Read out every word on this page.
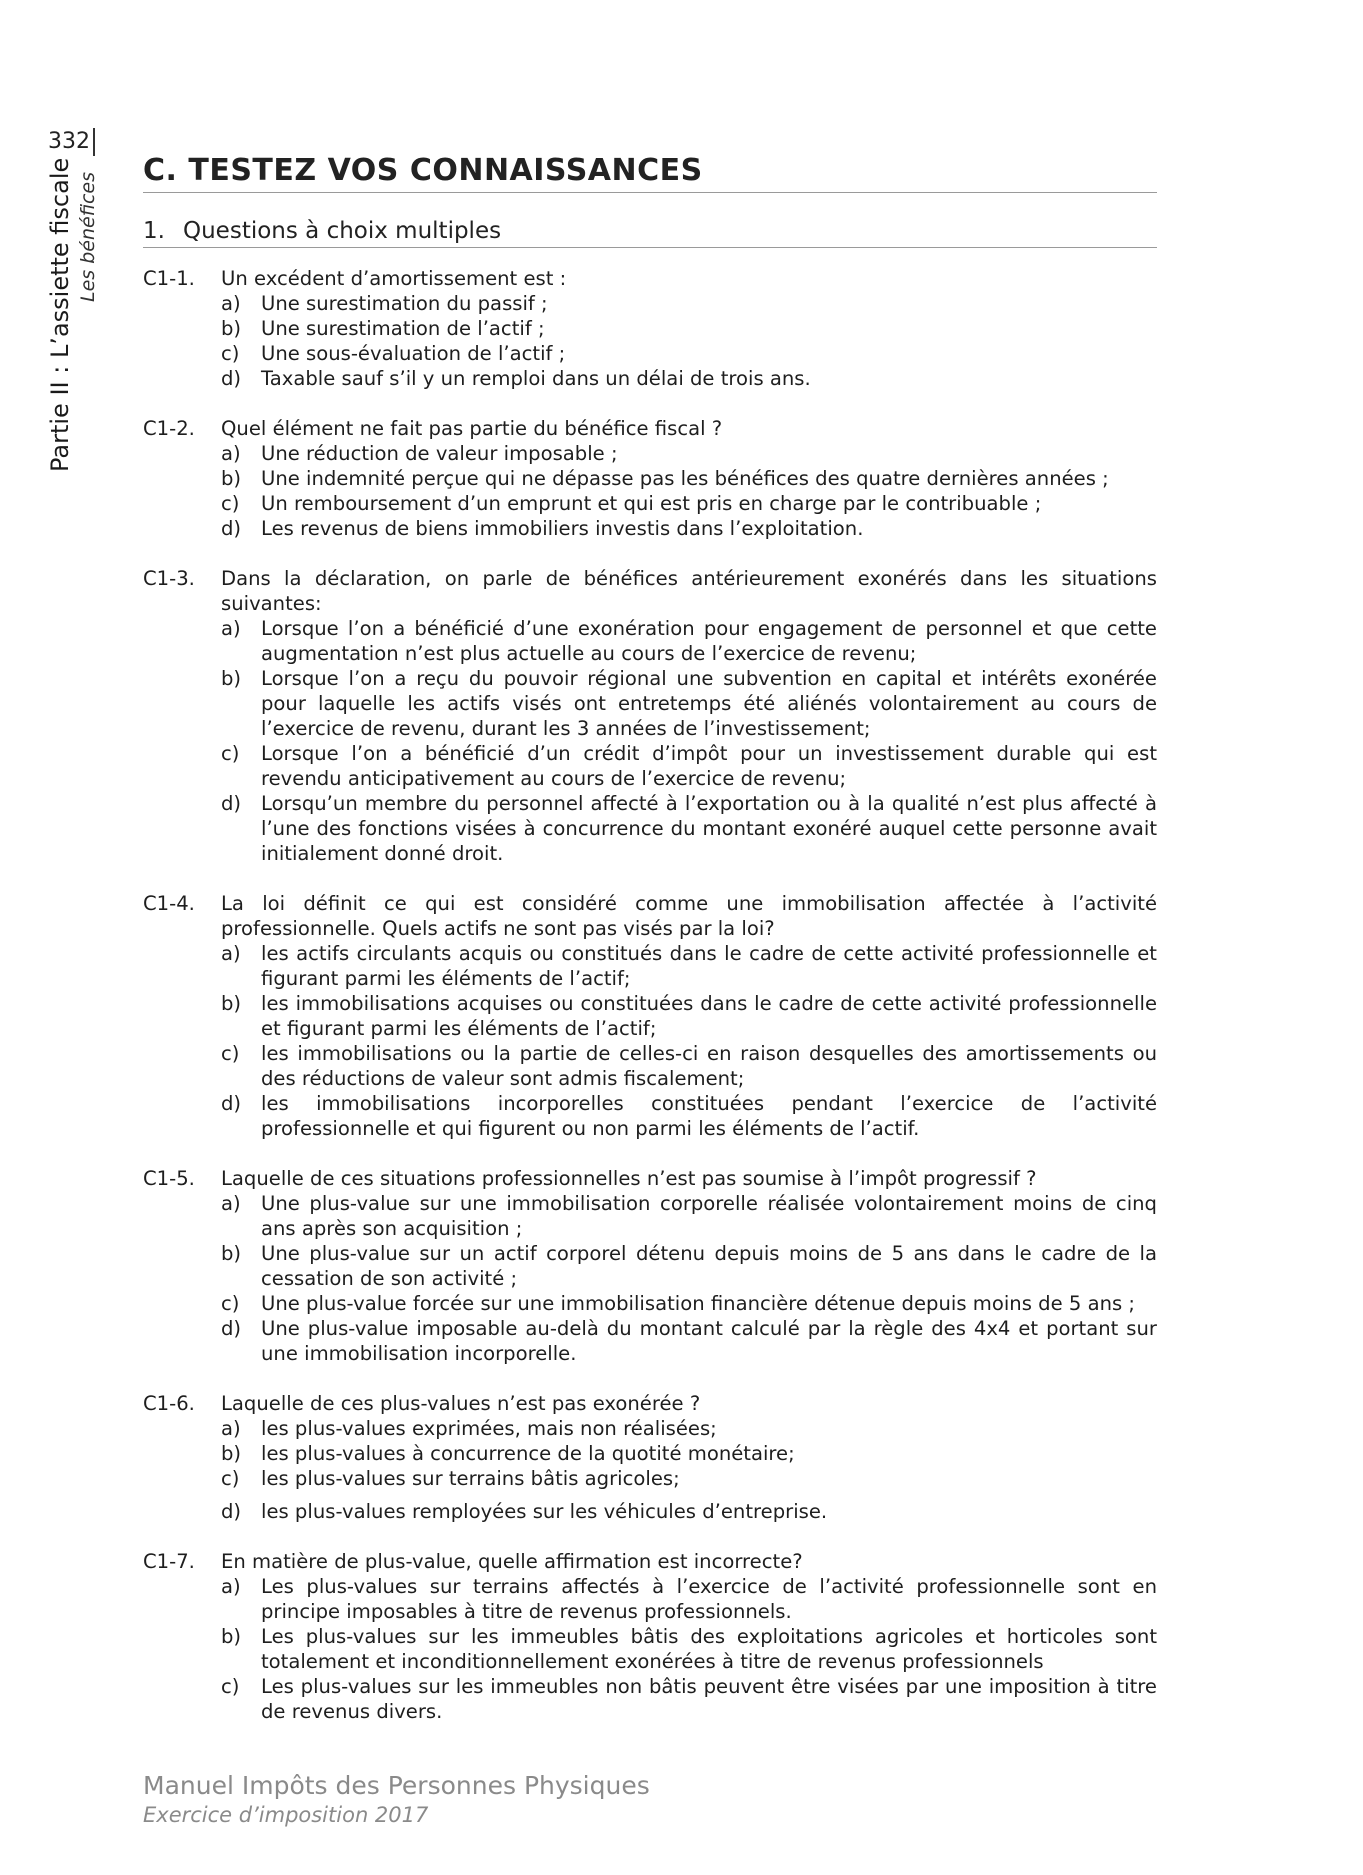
332
Partie II : L’assiette fiscale Les bénéfices
C. TESTEZ VOS CONNAISSANCES
1. Questions à choix multiples
C1-1.	Un excédent d’amortissement est :
a)	Une surestimation du passif ;
b)	Une surestimation de l’actif ;
c)	Une sous-évaluation de l’actif ;
d)	Taxable sauf s’il y un remploi dans un délai de trois ans.
C1-2.	Quel élément ne fait pas partie du bénéfice fiscal ?
a)	Une réduction de valeur imposable ;
b)	Une indemnité perçue qui ne dépasse pas les bénéfices des quatre dernières années ;
c)	Un remboursement d’un emprunt et qui est pris en charge par le contribuable ;
d)	Les revenus de biens immobiliers investis dans l’exploitation.
C1-3.	Dans la déclaration, on parle de bénéfices antérieurement exonérés dans les situations suivantes:
a)	Lorsque l’on a bénéficié d’une exonération pour engagement de personnel et que cette augmentation n’est plus actuelle au cours de l’exercice de revenu;
b)	Lorsque l’on a reçu du pouvoir régional une subvention en capital et intérêts exonérée pour laquelle les actifs visés ont entretemps été aliénés volontairement au cours de l’exercice de revenu, durant les 3 années de l’investissement;
c)	Lorsque l’on a bénéficié d’un crédit d’impôt pour un investissement durable qui est revendu anticipativement au cours de l’exercice de revenu;
d)	Lorsqu’un membre du personnel affecté à l’exportation ou à la qualité n’est plus affecté à l’une des fonctions visées à concurrence du montant exonéré auquel cette personne avait initialement donné droit.
C1-4.	La loi définit ce qui est considéré comme une immobilisation affectée à l’activité professionnelle. Quels actifs ne sont pas visés par la loi?
a)	les actifs circulants acquis ou constitués dans le cadre de cette activité professionnelle et figurant parmi les éléments de l’actif;
b)	les immobilisations acquises ou constituées dans le cadre de cette activité professionnelle et figurant parmi les éléments de l’actif;
c)	les immobilisations ou la partie de celles-ci en raison desquelles des amortissements ou des réductions de valeur sont admis fiscalement;
d)	les immobilisations incorporelles constituées pendant l’exercice de l’activité professionnelle et qui figurent ou non parmi les éléments de l’actif.
C1-5.	Laquelle de ces situations professionnelles n’est pas soumise à l’impôt progressif ?
a)	Une plus-value sur une immobilisation corporelle réalisée volontairement moins de cinq ans après son acquisition ;
b)	Une plus-value sur un actif corporel détenu depuis moins de 5 ans dans le cadre de la cessation de son activité ;
c)	Une plus-value forcée sur une immobilisation financière détenue depuis moins de 5 ans ;
d)	Une plus-value imposable au-delà du montant calculé par la règle des 4x4 et portant sur une immobilisation incorporelle.
C1-6.	Laquelle de ces plus-values n’est pas exonérée ?
a)	les plus-values exprimées, mais non réalisées;
b)	les plus-values à concurrence de la quotité monétaire;
c)	les plus-values sur terrains bâtis agricoles;
d)	les plus-values remployées sur les véhicules d’entreprise.
C1-7.	En matière de plus-value, quelle affirmation est incorrecte?
a)	Les plus-values sur terrains affectés à l’exercice de l’activité professionnelle sont en principe imposables à titre de revenus professionnels.
b)	Les plus-values sur les immeubles bâtis des exploitations agricoles et horticoles sont totalement et inconditionnellement exonérées à titre de revenus professionnels
c)	Les plus-values sur les immeubles non bâtis peuvent être visées par une imposition à titre de revenus divers.
Manuel Impôts des Personnes Physiques
Exercice d’imposition 2017
